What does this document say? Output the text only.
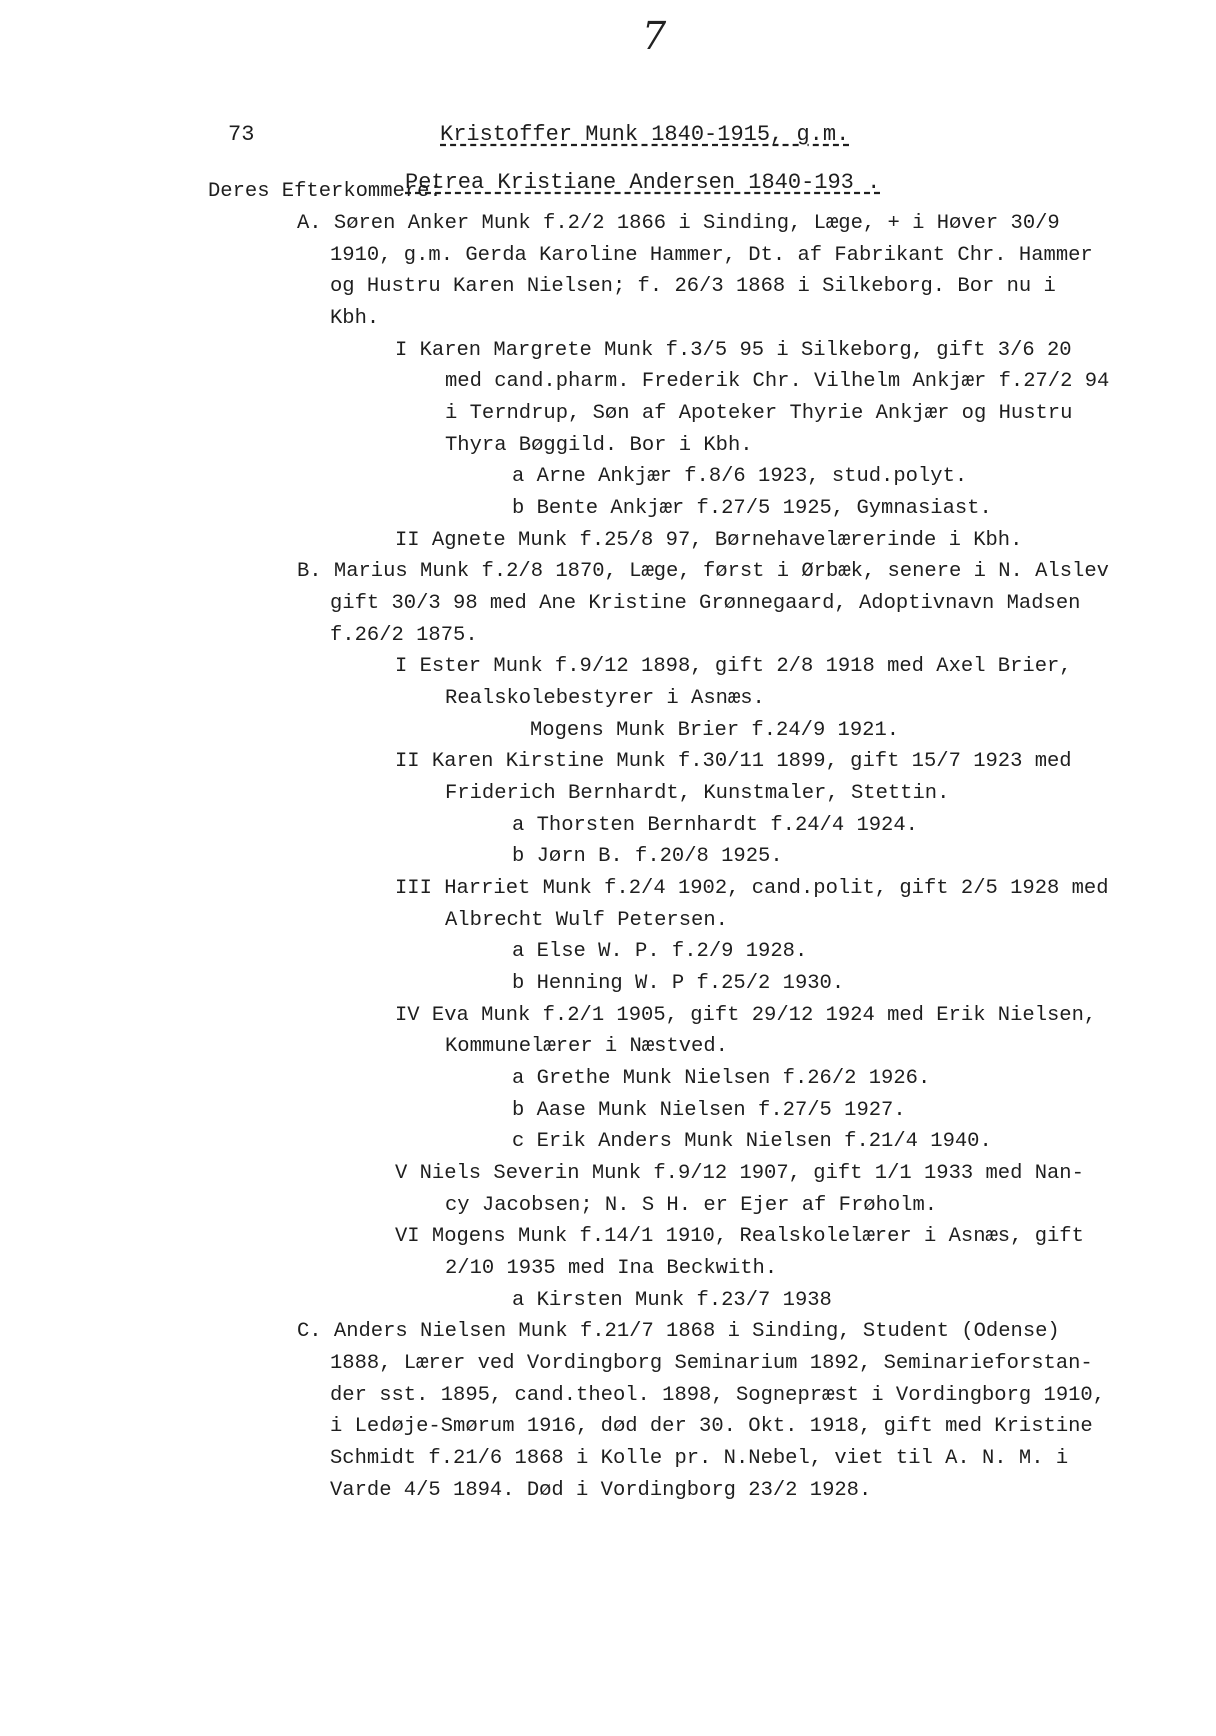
7
73	Kristoffer Munk 1840-1915, g.m.
Petrea Kristiane Andersen 1840-193 .
Deres Efterkommere:
A. Søren Anker Munk f.2/2 1866 i Sinding, Læge, + i Høver 30/9
1910, g.m. Gerda Karoline Hammer, Dt. af Fabrikant Chr. Hammer
og Hustru Karen Nielsen; f. 26/3 1868 i Silkeborg. Bor nu i
Kbh.
I Karen Margrete Munk f.3/5 95 i Silkeborg, gift 3/6 20
med cand.pharm. Frederik Chr. Vilhelm Ankjær f.27/2 94
i Terndrup, Søn af Apoteker Thyrie Ankjær og Hustru
Thyra Bøggild. Bor i Kbh.
a Arne Ankjær f.8/6 1923, stud.polyt.
b Bente Ankjær f.27/5 1925, Gymnasiast.
II Agnete Munk f.25/8 97, Børnehavelærerinde i Kbh.
B. Marius Munk f.2/8 1870, Læge, først i Ørbæk, senere i N. Alslev
gift 30/3 98 med Ane Kristine Grønnegaard, Adoptivnavn Madsen
f.26/2 1875.
I Ester Munk f.9/12 1898, gift 2/8 1918 med Axel Brier,
Realskolebestyrer i Asnæs.
Mogens Munk Brier f.24/9 1921.
II Karen Kirstine Munk f.30/11 1899, gift 15/7 1923 med
Friderich Bernhardt, Kunstmaler, Stettin.
a Thorsten Bernhardt f.24/4 1924.
b Jørn B. f.20/8 1925.
III Harriet Munk f.2/4 1902, cand.polit, gift 2/5 1928 med
Albrecht Wulf Petersen.
a Else W. P. f.2/9 1928.
b Henning W. P f.25/2 1930.
IV Eva Munk f.2/1 1905, gift 29/12 1924 med Erik Nielsen,
Kommunelærer i Næstved.
a Grethe Munk Nielsen f.26/2 1926.
b Aase Munk Nielsen f.27/5 1927.
c Erik Anders Munk Nielsen f.21/4 1940.
V Niels Severin Munk f.9/12 1907, gift 1/1 1933 med Nan-
cy Jacobsen; N. S H. er Ejer af Frøholm.
VI Mogens Munk f.14/1 1910, Realskolelærer i Asnæs, gift
2/10 1935 med Ina Beckwith.
a Kirsten Munk f.23/7 1938
C. Anders Nielsen Munk f.21/7 1868 i Sinding, Student (Odense)
1888, Lærer ved Vordingborg Seminarium 1892, Seminarieforstan-
der sst. 1895, cand.theol. 1898, Sognepræst i Vordingborg 1910,
i Ledøje-Smørum 1916, død der 30. Okt. 1918, gift med Kristine
Schmidt f.21/6 1868 i Kolle pr. N.Nebel, viet til A. N. M. i
Varde 4/5 1894. Død i Vordingborg 23/2 1928.
